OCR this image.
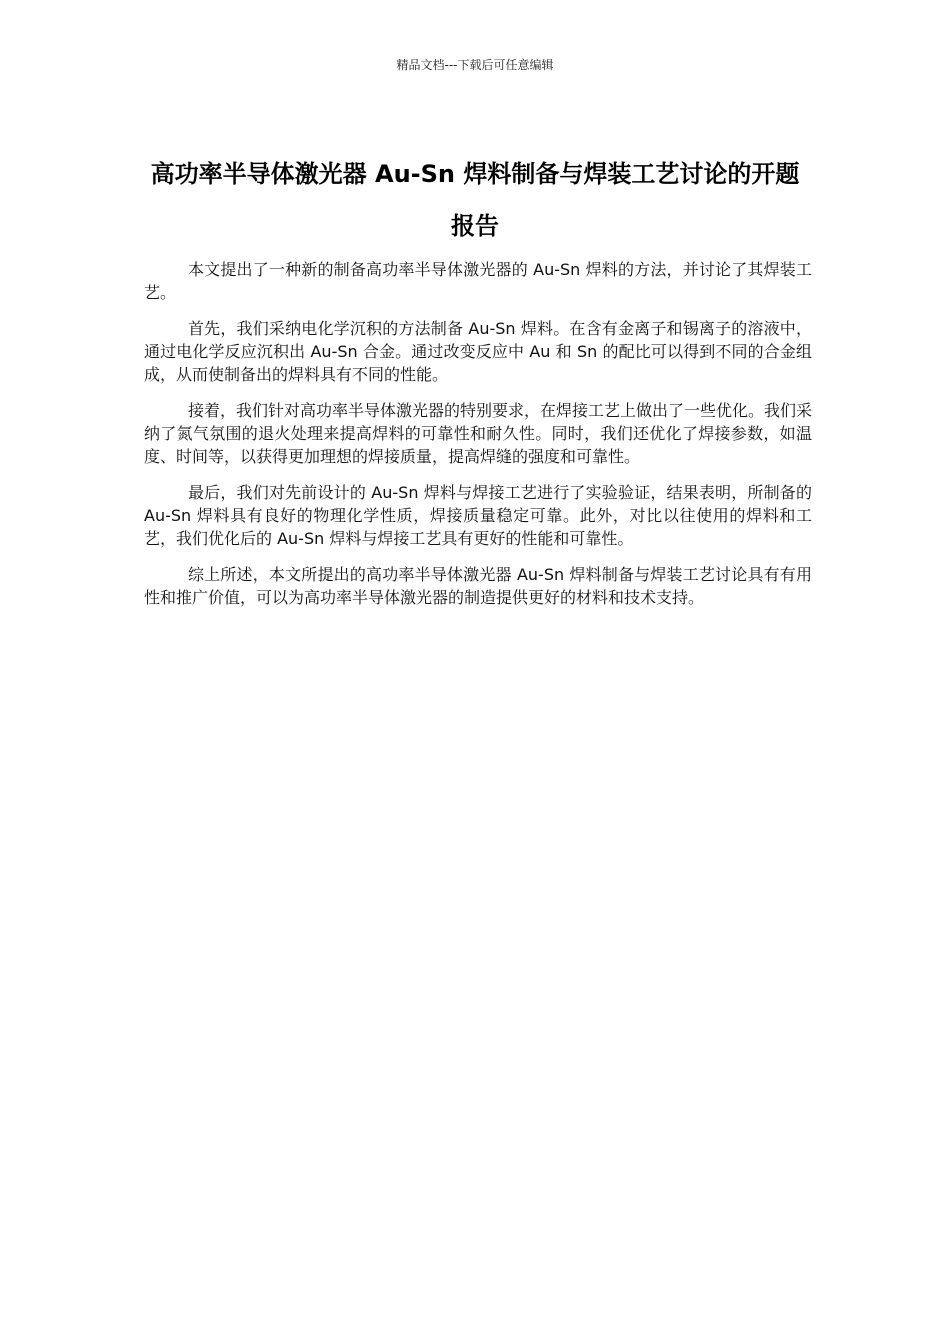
精品文档---下载后可任意编辑
高功率半导体激光器 Au-Sn 焊料制备与焊装工艺讨论的开题报告

本文提出了一种新的制备高功率半导体激光器的 Au-Sn 焊料的方法，并讨论了其焊装工艺。

首先，我们采纳电化学沉积的方法制备 Au-Sn 焊料。在含有金离子和锡离子的溶液中，通过电化学反应沉积出 Au-Sn 合金。通过改变反应中 Au 和 Sn 的配比可以得到不同的合金组成，从而使制备出的焊料具有不同的性能。

接着，我们针对高功率半导体激光器的特别要求，在焊接工艺上做出了一些优化。我们采纳了氮气氛围的退火处理来提高焊料的可靠性和耐久性。同时，我们还优化了焊接参数，如温度、时间等，以获得更加理想的焊接质量，提高焊缝的强度和可靠性。

最后，我们对先前设计的 Au-Sn 焊料与焊接工艺进行了实验验证，结果表明，所制备的 Au-Sn 焊料具有良好的物理化学性质，焊接质量稳定可靠。此外，对比以往使用的焊料和工艺，我们优化后的 Au-Sn 焊料与焊接工艺具有更好的性能和可靠性。

综上所述，本文所提出的高功率半导体激光器 Au-Sn 焊料制备与焊装工艺讨论具有有用性和推广价值，可以为高功率半导体激光器的制造提供更好的材料和技术支持。
